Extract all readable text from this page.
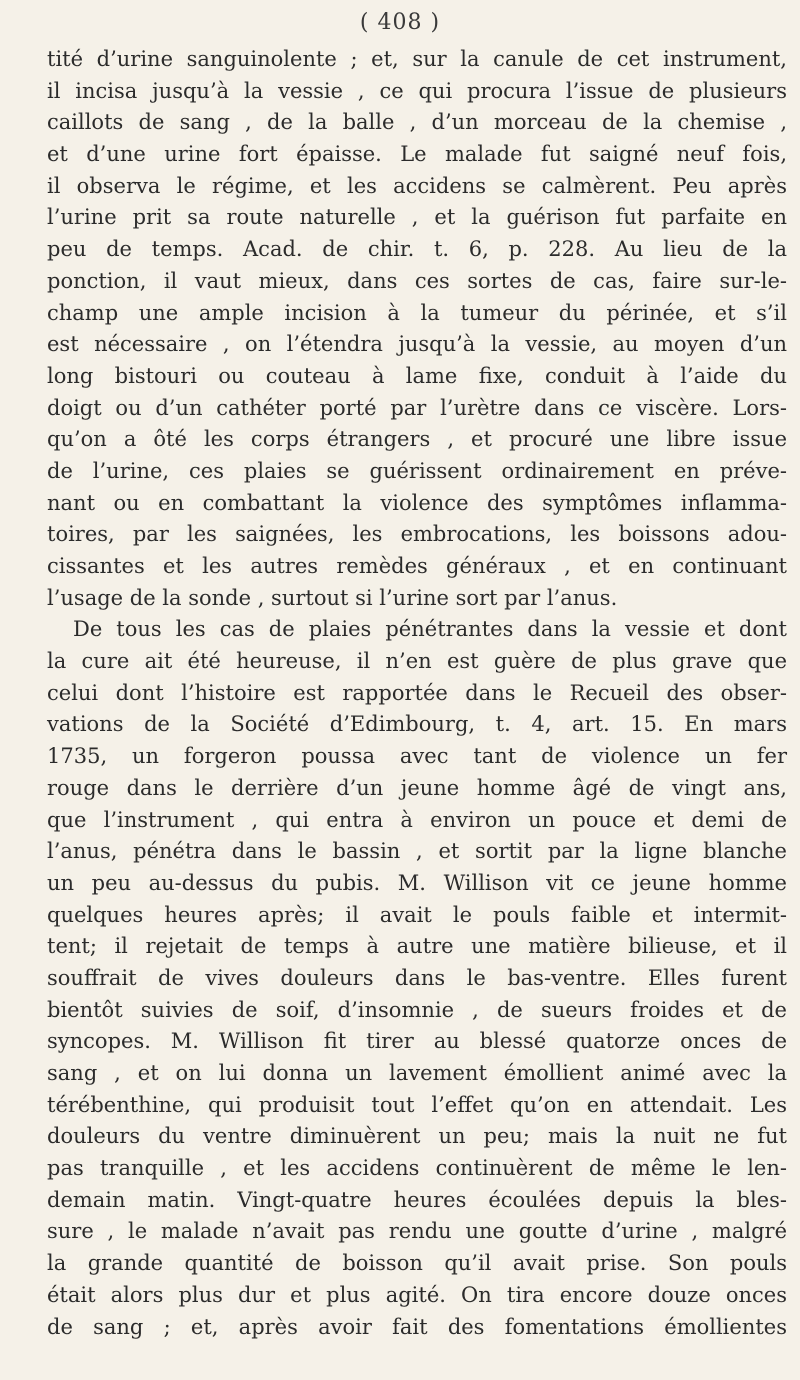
( 408 )
tité d’urine sanguinolente ; et, sur la canule de cet instrument,
il incisa jusqu’à la vessie , ce qui procura l’issue de plusieurs
caillots de sang , de la balle , d’un morceau de la chemise ,
et d’une urine fort épaisse. Le malade fut saigné neuf fois,
il observa le régime, et les accidens se calmèrent. Peu après
l’urine prit sa route naturelle , et la guérison fut parfaite en
peu de temps. Acad. de chir. t. 6, p. 228. Au lieu de la
ponction, il vaut mieux, dans ces sortes de cas, faire sur-le-
champ une ample incision à la tumeur du périnée, et s’il
est nécessaire , on l’étendra jusqu’à la vessie, au moyen d’un
long bistouri ou couteau à lame fixe, conduit à l’aide du
doigt ou d’un cathéter porté par l’urètre dans ce viscère. Lors-
qu’on a ôté les corps étrangers , et procuré une libre issue
de l’urine, ces plaies se guérissent ordinairement en préve-
nant ou en combattant la violence des symptômes inflamma-
toires, par les saignées, les embrocations, les boissons adou-
cissantes et les autres remèdes généraux , et en continuant
l’usage de la sonde , surtout si l’urine sort par l’anus.
De tous les cas de plaies pénétrantes dans la vessie et dont
la cure ait été heureuse, il n’en est guère de plus grave que
celui dont l’histoire est rapportée dans le Recueil des obser-
vations de la Société d’Edimbourg, t. 4, art. 15. En mars
1735, un forgeron poussa avec tant de violence un fer
rouge dans le derrière d’un jeune homme âgé de vingt ans,
que l’instrument , qui entra à environ un pouce et demi de
l’anus, pénétra dans le bassin , et sortit par la ligne blanche
un peu au-dessus du pubis. M. Willison vit ce jeune homme
quelques heures après; il avait le pouls faible et intermit-
tent; il rejetait de temps à autre une matière bilieuse, et il
souffrait de vives douleurs dans le bas-ventre. Elles furent
bientôt suivies de soif, d’insomnie , de sueurs froides et de
syncopes. M. Willison fit tirer au blessé quatorze onces de
sang , et on lui donna un lavement émollient animé avec la
térébenthine, qui produisit tout l’effet qu’on en attendait. Les
douleurs du ventre diminuèrent un peu; mais la nuit ne fut
pas tranquille , et les accidens continuèrent de même le len-
demain matin. Vingt-quatre heures écoulées depuis la bles-
sure , le malade n’avait pas rendu une goutte d’urine , malgré
la grande quantité de boisson qu’il avait prise. Son pouls
était alors plus dur et plus agité. On tira encore douze onces
de sang ; et, après avoir fait des fomentations émollientes
